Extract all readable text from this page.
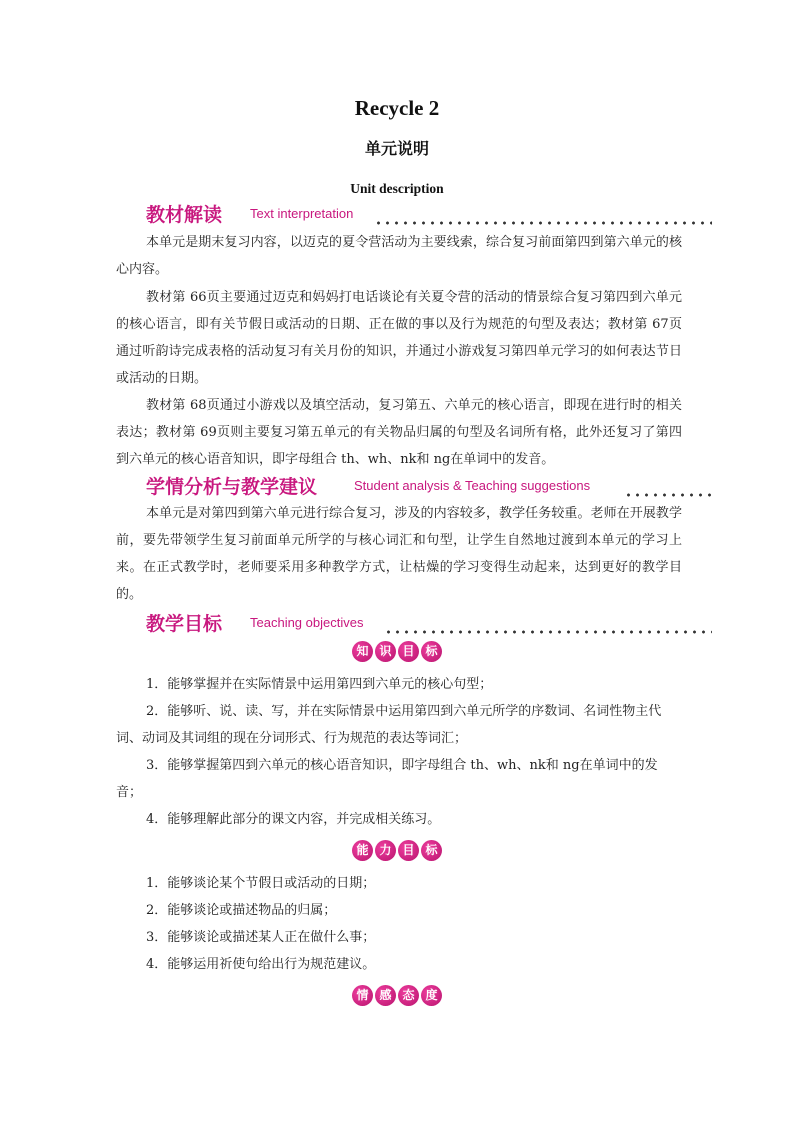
Recycle 2
单元说明
Unit description
教材解读 Text interpretation

本单元是期末复习内容，以迈克的夏令营活动为主要线索，综合复习前面第四到第六单元的核心内容。

教材第 66页主要通过迈克和妈妈打电话谈论有关夏令营的活动的情景综合复习第四到六单元的核心语言，即有关节假日或活动的日期、正在做的事以及行为规范的句型及表达；教材第 67页通过听韵诗完成表格的活动复习有关月份的知识，并通过小游戏复习第四单元学习的如何表达节日或活动的日期。

教材第 68页通过小游戏以及填空活动，复习第五、六单元的核心语言，即现在进行时的相关表达；教材第 69页则主要复习第五单元的有关物品归属的句型及名词所有格，此外还复习了第四到六单元的核心语音知识，即字母组合 th、wh、nk和 ng在单词中的发音。

学情分析与教学建议	Student analysis & Teaching suggestions

本单元是对第四到第六单元进行综合复习，涉及的内容较多，教学任务较重。老师在开展教学前，要先带领学生复习前面单元所学的与核心词汇和句型，让学生自然地过渡到本单元的学习上来。在正式教学时，老师要采用多种教学方式，让枯燥的学习变得生动起来，达到更好的教学目的。

教学目标 Teaching objectives
知 识 目 标

1．能够掌握并在实际情景中运用第四到六单元的核心句型；

2．能够听、说、读、写，并在实际情景中运用第四到六单元所学的序数词、名词性物主代词、动词及其词组的现在分词形式、行为规范的表达等词汇；

3．能够掌握第四到六单元的核心语音知识，即字母组合 th、wh、nk和 ng在单词中的发音；

4．能够理解此部分的课文内容，并完成相关练习。

能 力 目 标

1．能够谈论某个节假日或活动的日期；

2．能够谈论或描述物品的归属；

3．能够谈论或描述某人正在做什么事；

4．能够运用祈使句给出行为规范建议。

情 感 态 度
